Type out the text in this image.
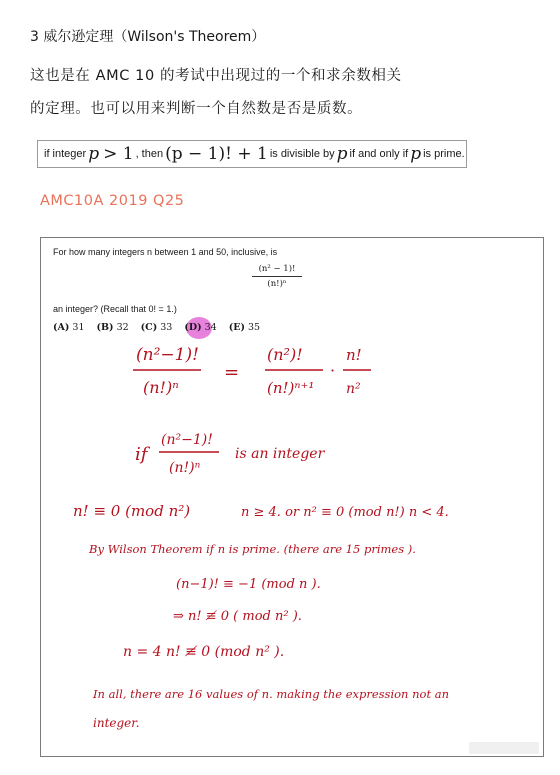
3 威尔逊定理（Wilson's Theorem）
这也是在 AMC 10 的考试中出现过的一个和求余数相关
的定理。也可以用来判断一个自然数是否是质数。
if integer p > 1 , then (p − 1)! + 1 is divisible by p if and only if p is prime.
AMC10A 2019 Q25
For how many integers n between 1 and 50, inclusive, is
(n² − 1)!
(n!)ⁿ
an integer? (Recall that 0! = 1.)
(A) 31 (B) 32 (C) 33 (D) 34 (E) 35
(n²−1)!
(n!)ⁿ
=
(n²)!
(n!)ⁿ⁺¹
·
n!
n²
if
(n²−1)!
(n!)ⁿ
is an integer
n! ≡ 0 (mod n²)	n ≥ 4. or n² ≡ 0 (mod n!) n < 4.
By Wilson Theorem if n is prime. (there are 15 primes ).
(n−1)! ≡ −1 (mod n ).
⇒ n! ≢ 0 ( mod n² ).
n = 4 n! ≢ 0 (mod n² ).
In all, there are 16 values of n. making the expression not an
integer.
